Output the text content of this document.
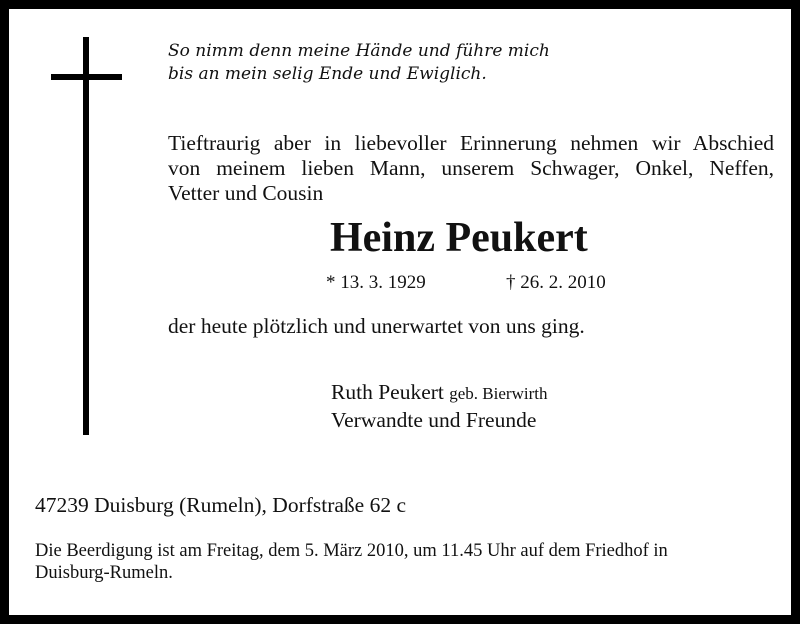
So nimm denn meine Hände und führe mich
bis an mein selig Ende und Ewiglich.
Tieftraurig aber in liebevoller Erinnerung nehmen wir Abschied
von meinem lieben Mann, unserem Schwager, Onkel, Neffen,
Vetter und Cousin
Heinz Peukert
* 13. 3. 1929	† 26. 2. 2010
der heute plötzlich und unerwartet von uns ging.
Ruth Peukert geb. Bierwirth
Verwandte und Freunde
47239 Duisburg (Rumeln), Dorfstraße 62 c
Die Beerdigung ist am Freitag, dem 5. März 2010, um 11.45 Uhr auf dem Friedhof in
Duisburg-Rumeln.
